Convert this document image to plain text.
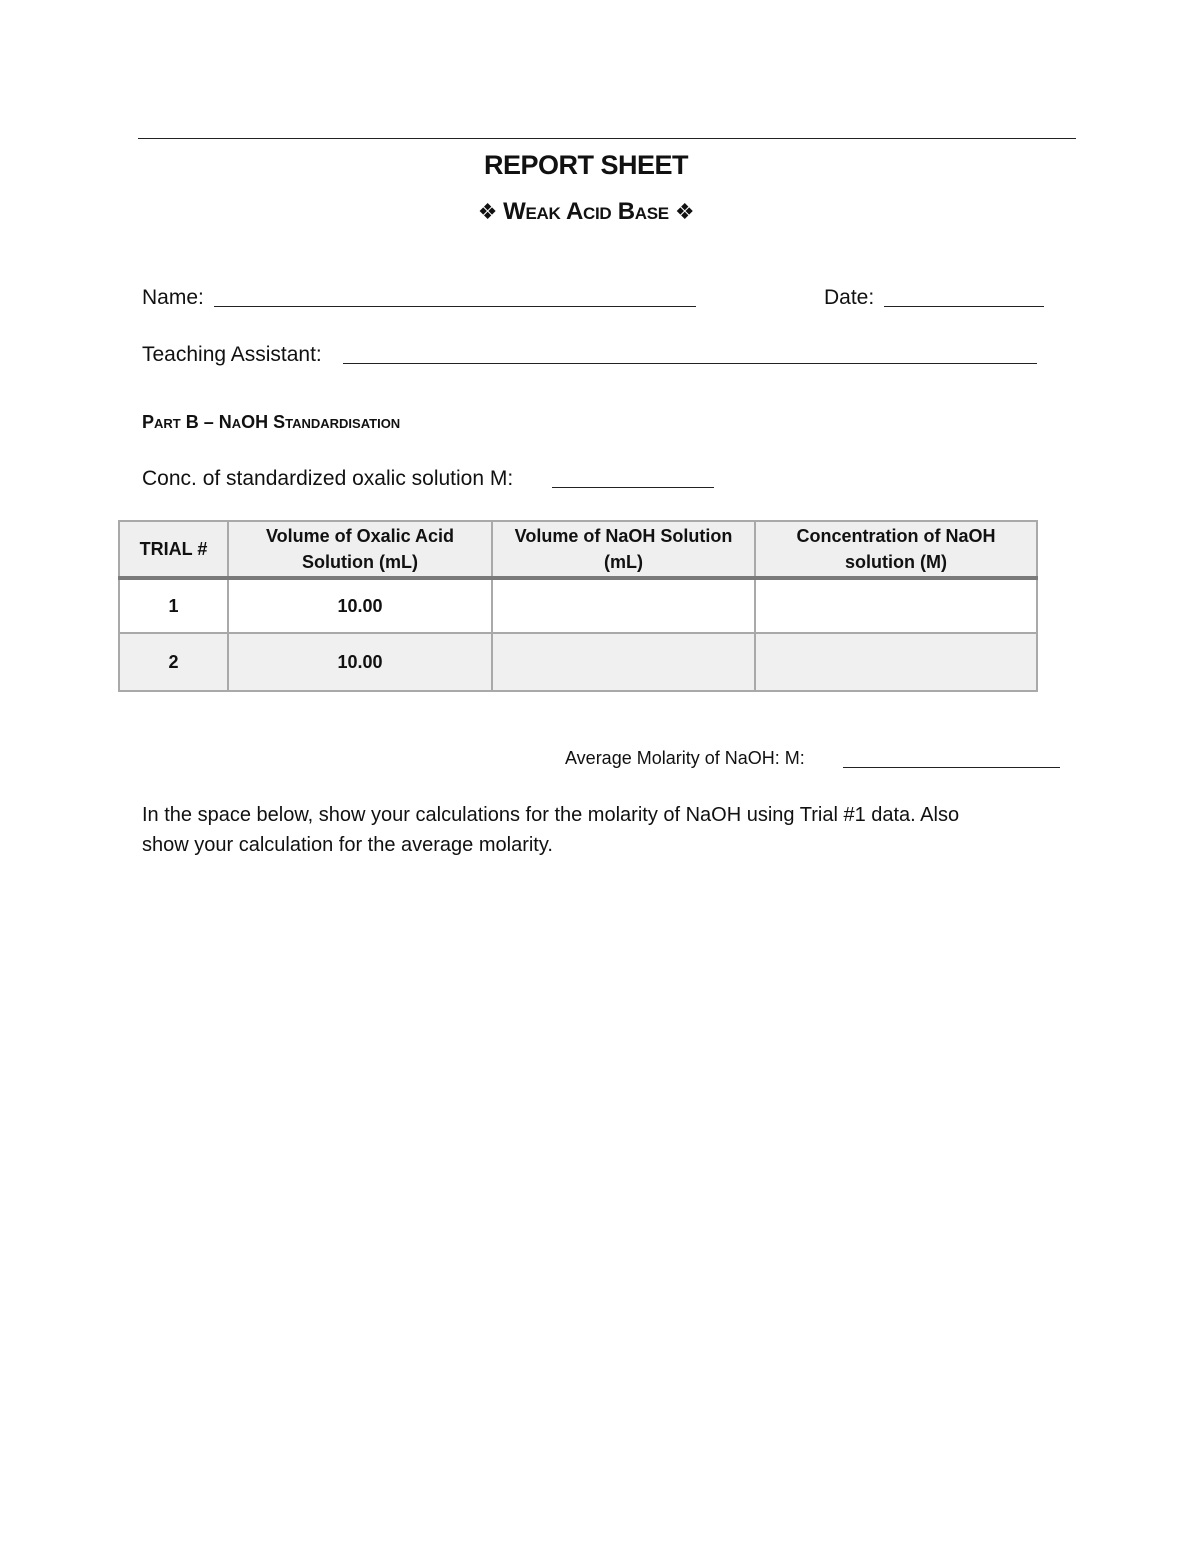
REPORT SHEET
❖ Weak Acid Base ❖
Name:	Date:
Teaching Assistant:
Part B – NaOH Standardisation
Conc. of standardized oxalic solution M:
TRIAL #	Volume of Oxalic Acid Solution (mL)	Volume of NaOH Solution (mL)	Concentration of NaOH solution (M)
1	10.00		
2	10.00		
Average Molarity of NaOH: M:
In the space below, show your calculations for the molarity of NaOH using Trial #1 data. Also show your calculation for the average molarity.
